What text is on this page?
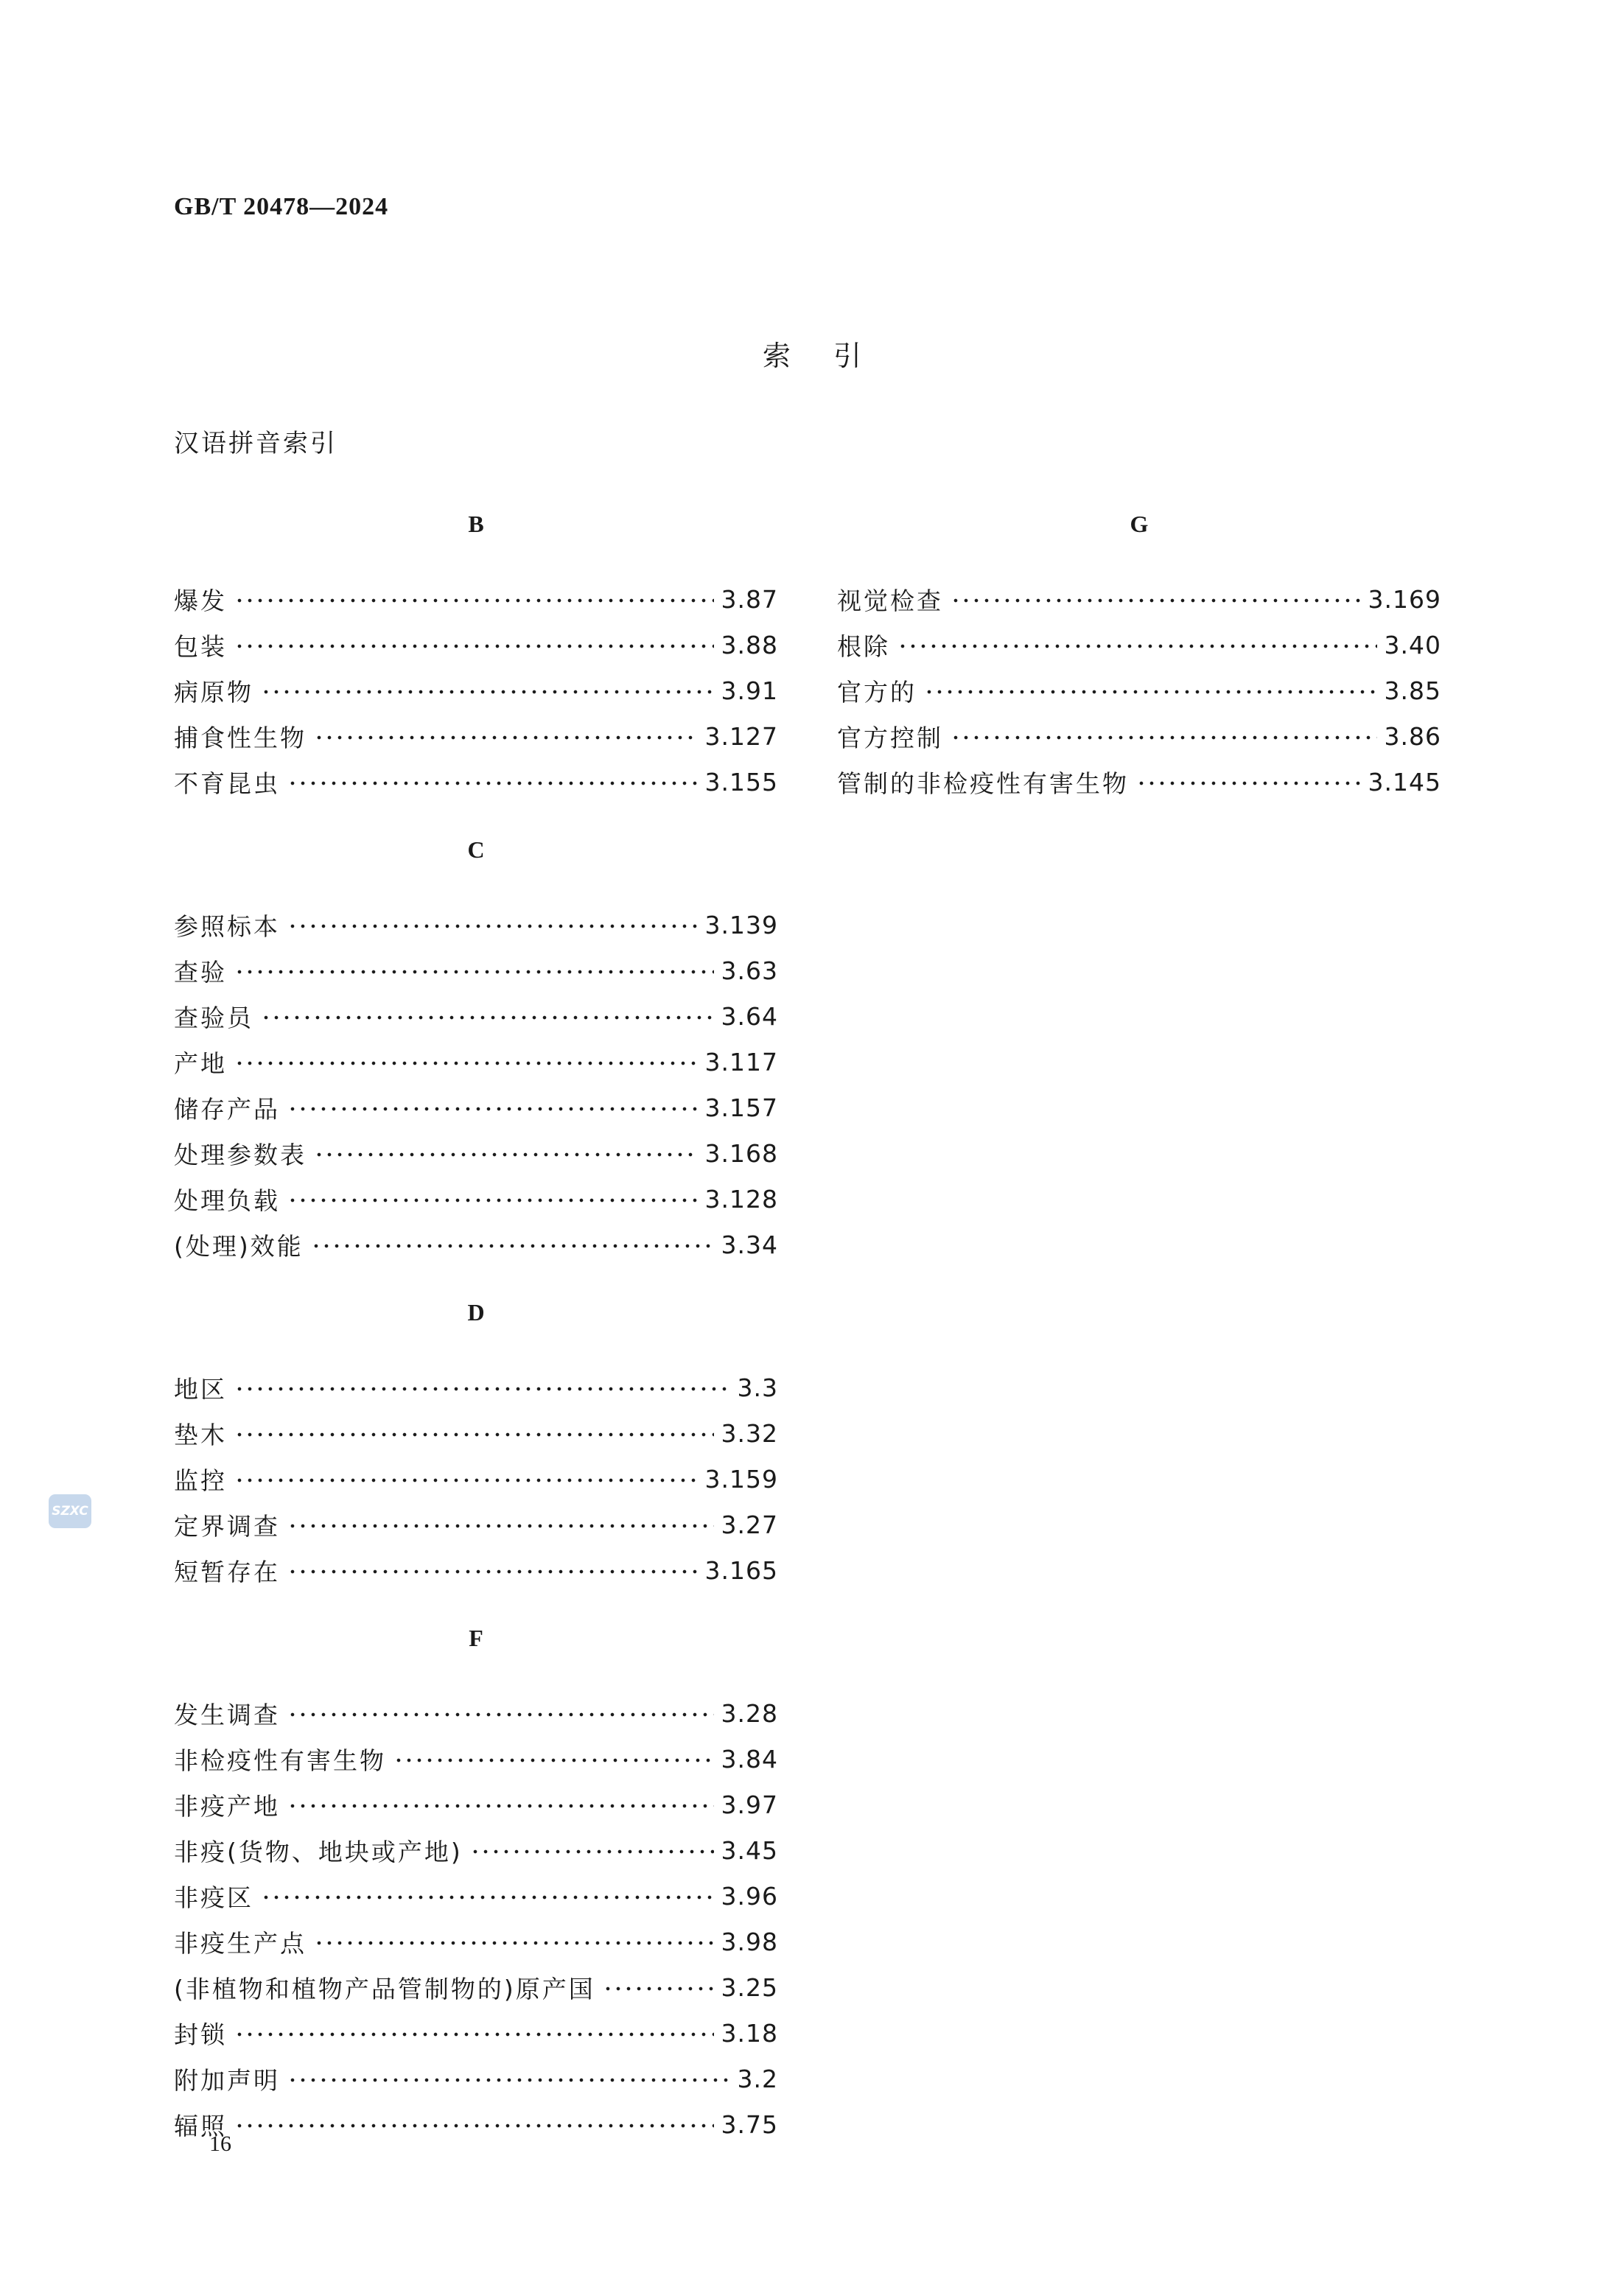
GB/T 20478—2024
索引
汉语拼音索引
B
爆发	3.87
包装	3.88
病原物	3.91
捕食性生物	3.127
不育昆虫	3.155
C
参照标本	3.139
查验	3.63
查验员	3.64
产地	3.117
储存产品	3.157
处理参数表	3.168
处理负载	3.128
(处理)效能	3.34
D
地区	3.3
垫木	3.32
监控	3.159
定界调查	3.27
短暂存在	3.165
F
发生调查	3.28
非检疫性有害生物	3.84
非疫产地	3.97
非疫(货物、地块或产地)	3.45
非疫区	3.96
非疫生产点	3.98
(非植物和植物产品管制物的)原产国	3.25
封锁	3.18
附加声明	3.2
辐照	3.75
G
视觉检查	3.169
根除	3.40
官方的	3.85
官方控制	3.86
管制的非检疫性有害生物	3.145
16
SZXC
